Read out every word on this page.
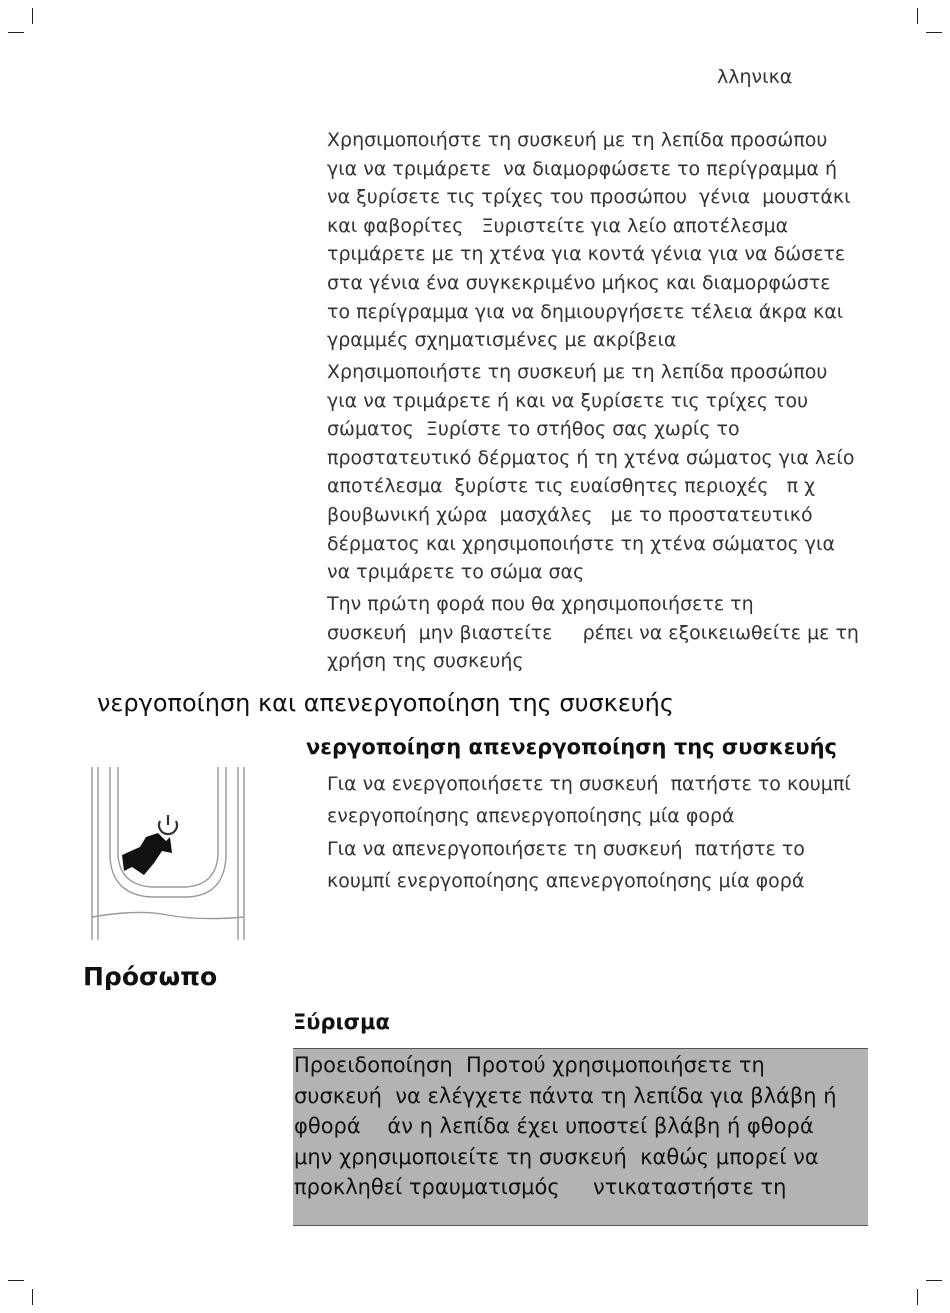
λληνικα

Χρησιμοποιήστε τη συσκευή με τη λεπίδα προσώπου
για να τριμάρετε  να διαμορφώσετε το περίγραμμα ή
να ξυρίσετε τις τρίχες του προσώπου  γένια  μουστάκι
και φαβορίτες   Ξυριστείτε για λείο αποτέλεσμα
τριμάρετε με τη χτένα για κοντά γένια για να δώσετε
στα γένια ένα συγκεκριμένο μήκος και διαμορφώστε
το περίγραμμα για να δημιουργήσετε τέλεια άκρα και
γραμμές σχηματισμένες με ακρίβεια

Χρησιμοποιήστε τη συσκευή με τη λεπίδα προσώπου
για να τριμάρετε ή και να ξυρίσετε τις τρίχες του
σώματος  Ξυρίστε το στήθος σας χωρίς το
προστατευτικό δέρματος ή τη χτένα σώματος για λείο
αποτέλεσμα  ξυρίστε τις ευαίσθητες περιοχές   π χ
βουβωνική χώρα  μασχάλες   με το προστατευτικό
δέρματος και χρησιμοποιήστε τη χτένα σώματος για
να τριμάρετε το σώμα σας

Την πρώτη φορά που θα χρησιμοποιήσετε τη
συσκευή  μην βιαστείτε     ρέπει να εξοικειωθείτε με τη
χρήση της συσκευής

νεργοποίηση και απενεργοποίηση της συσκευής
νεργοποίηση απενεργοποίηση της συσκευής

Για να ενεργοποιήσετε τη συσκευή  πατήστε το κουμπί
ενεργοποίησης απενεργοποίησης μία φορά

Για να απενεργοποιήσετε τη συσκευή  πατήστε το
κουμπί ενεργοποίησης απενεργοποίησης μία φορά

Πρόσωπο
Ξύρισμα

Προειδοποίηση  Προτού χρησιμοποιήσετε τη
συσκευή  να ελέγχετε πάντα τη λεπίδα για βλάβη ή
φθορά    άν η λεπίδα έχει υποστεί βλάβη ή φθορά
μην χρησιμοποιείτε τη συσκευή  καθώς μπορεί να
προκληθεί τραυματισμός     ντικαταστήστε τη
